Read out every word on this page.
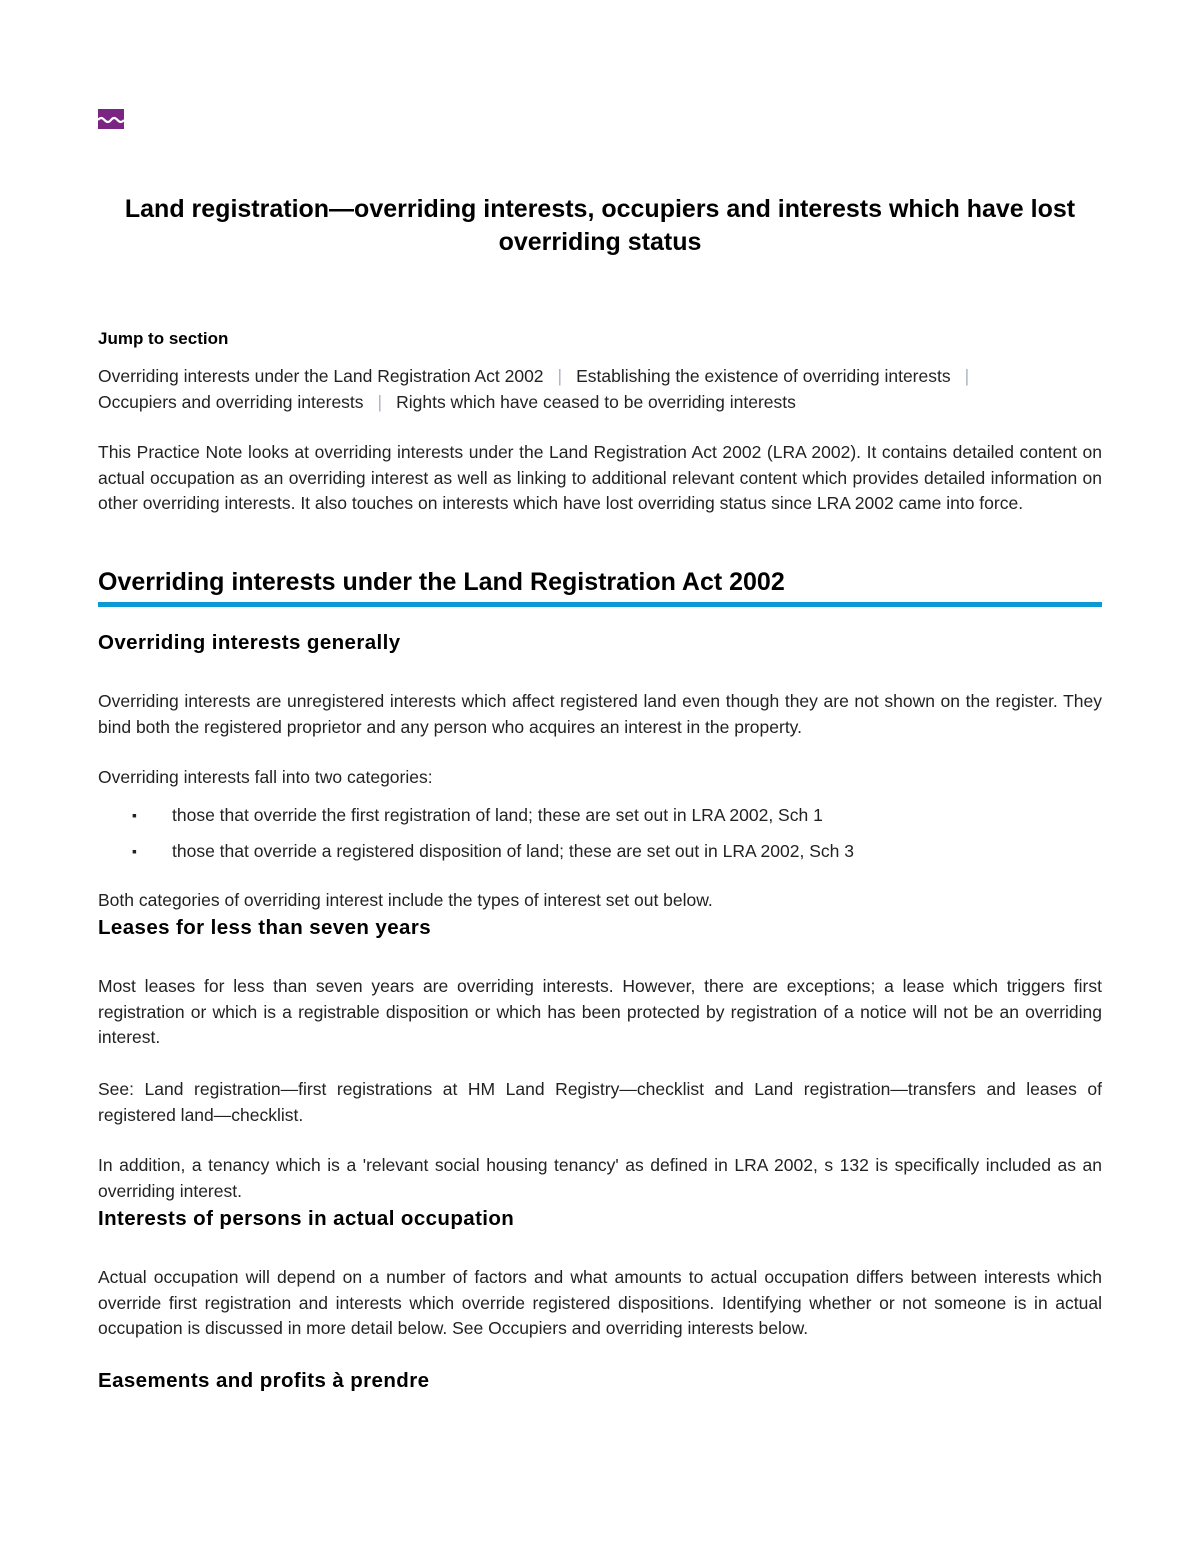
Land registration—overriding interests, occupiers and interests which have lost overriding status
Jump to section
Overriding interests under the Land Registration Act 2002 | Establishing the existence of overriding interests |
Occupiers and overriding interests | Rights which have ceased to be overriding interests

This Practice Note looks at overriding interests under the Land Registration Act 2002 (LRA 2002). It contains detailed content on actual occupation as an overriding interest as well as linking to additional relevant content which provides detailed information on other overriding interests. It also touches on interests which have lost overriding status since LRA 2002 came into force.

Overriding interests under the Land Registration Act 2002
Overriding interests generally

Overriding interests are unregistered interests which affect registered land even though they are not shown on the register. They bind both the registered proprietor and any person who acquires an interest in the property.

Overriding interests fall into two categories:

▪ those that override the first registration of land; these are set out in LRA 2002, Sch 1
▪ those that override a registered disposition of land; these are set out in LRA 2002, Sch 3

Both categories of overriding interest include the types of interest set out below.

Leases for less than seven years

Most leases for less than seven years are overriding interests. However, there are exceptions; a lease which triggers first registration or which is a registrable disposition or which has been protected by registration of a notice will not be an overriding interest.

See: Land registration—first registrations at HM Land Registry—checklist and Land registration—transfers and leases of registered land—checklist.

In addition, a tenancy which is a 'relevant social housing tenancy' as defined in LRA 2002, s 132 is specifically included as an overriding interest.

Interests of persons in actual occupation

Actual occupation will depend on a number of factors and what amounts to actual occupation differs between interests which override first registration and interests which override registered dispositions. Identifying whether or not someone is in actual occupation is discussed in more detail below. See Occupiers and overriding interests below.

Easements and profits à prendre
